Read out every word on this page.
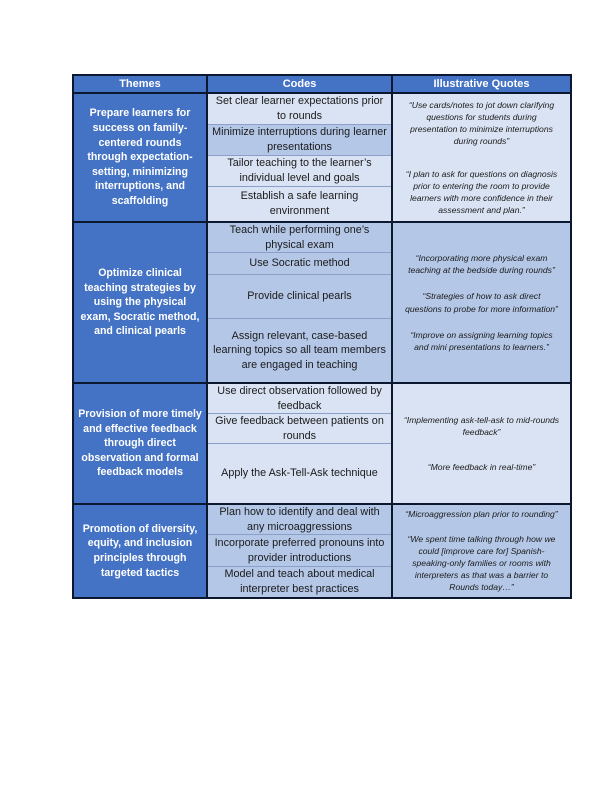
Themes	Codes	Illustrative Quotes
Prepare learners for success on family-centered rounds through expectation-setting, minimizing interruptions, and scaffolding
Set clear learner expectations prior to rounds
Minimize interruptions during learner presentations
Tailor teaching to the learner’s individual level and goals
Establish a safe learning environment

“Use cards/notes to jot down clarifying questions for students during presentation to minimize interruptions during rounds”

“I plan to ask for questions on diagnosis prior to entering the room to provide learners with more confidence in their assessment and plan.”

Optimize clinical teaching strategies by using the physical exam, Socratic method, and clinical pearls
Teach while performing one’s physical exam
Use Socratic method
Provide clinical pearls
Assign relevant, case-based learning topics so all team members are engaged in teaching

“Incorporating more physical exam teaching at the bedside during rounds”

“Strategies of how to ask direct questions to probe for more information”

“Improve on assigning learning topics and mini presentations to learners.”

Provision of more timely and effective feedback through direct observation and formal feedback models
Use direct observation followed by feedback
Give feedback between patients on rounds
Apply the Ask-Tell-Ask technique

“Implementing ask-tell-ask to mid-rounds feedback”

“More feedback in real-time”

Promotion of diversity, equity, and inclusion principles through targeted tactics
Plan how to identify and deal with any microaggressions
Incorporate preferred pronouns into provider introductions
Model and teach about medical interpreter best practices

“Microaggression plan prior to rounding”

“We spent time talking through how we could [improve care for] Spanish-speaking-only families or rooms with interpreters as that was a barrier to Rounds today…”
